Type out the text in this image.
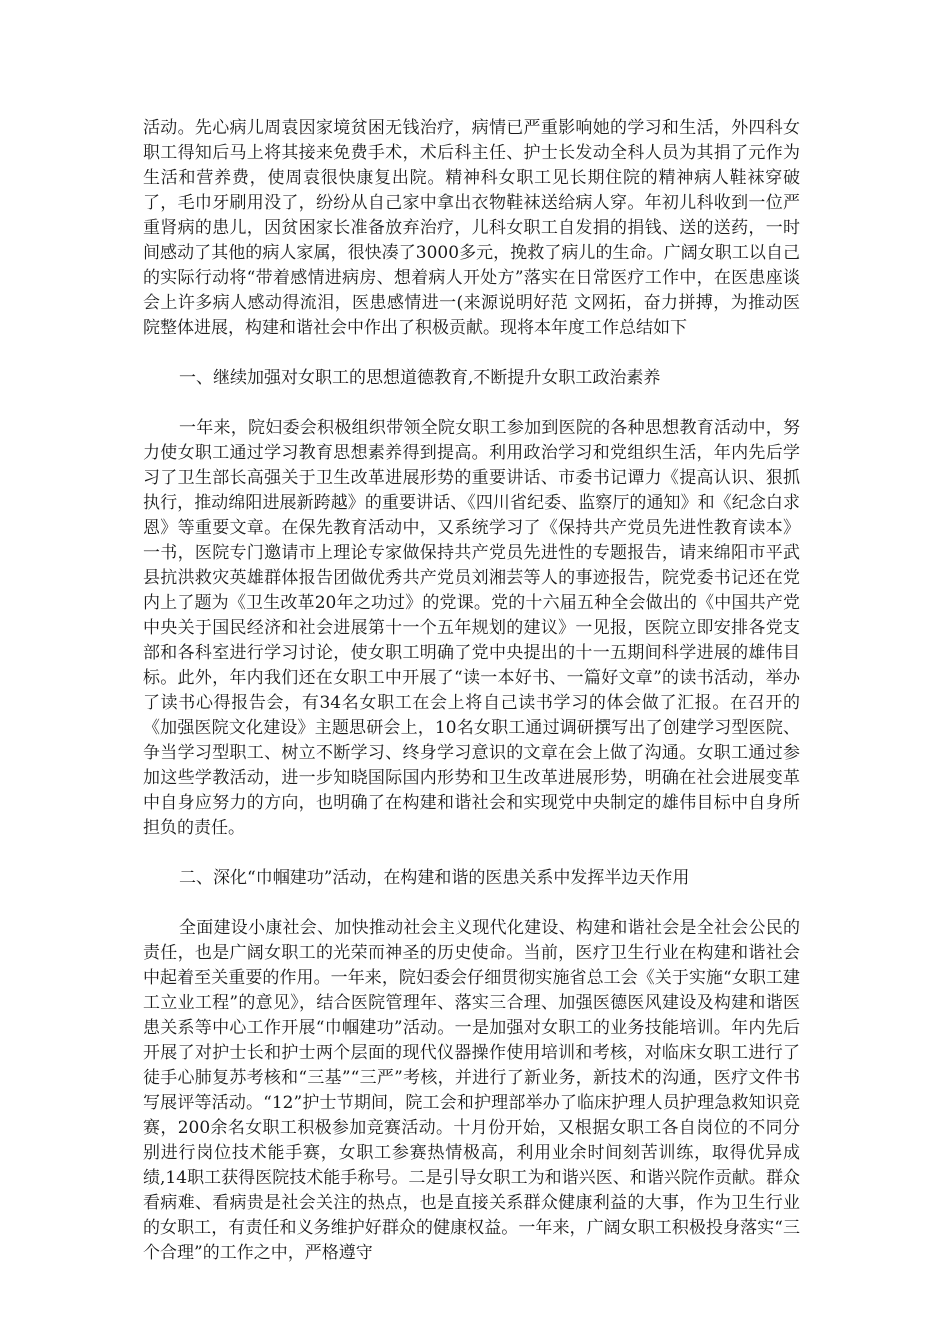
活动。先心病儿周袁因家境贫困无钱治疗，病情已严重影响她的学习和生活，外四科女职工得知后马上将其接来免费手术，术后科主任、护士长发动全科人员为其捐了元作为生活和营养费，使周袁很快康复出院。精神科女职工见长期住院的精神病人鞋袜穿破了，毛巾牙刷用没了，纷纷从自己家中拿出衣物鞋袜送给病人穿。年初儿科收到一位严重肾病的患儿，因贫困家长准备放弃治疗，儿科女职工自发捐的捐钱、送的送药，一时间感动了其他的病人家属，很快凑了3000多元，挽救了病儿的生命。广阔女职工以自己的实际行动将“带着感情进病房、想着病人开处方”落实在日常医疗工作中，在医患座谈会上许多病人感动得流泪，医患感情进一(来源说明好范 文网拓，奋力拼搏，为推动医院整体进展，构建和谐社会中作出了积极贡献。现将本年度工作总结如下

一、继续加强对女职工的思想道德教育,不断提升女职工政治素养

一年来，院妇委会积极组织带领全院女职工参加到医院的各种思想教育活动中，努力使女职工通过学习教育思想素养得到提高。利用政治学习和党组织生活，年内先后学习了卫生部长高强关于卫生改革进展形势的重要讲话、市委书记谭力《提高认识、狠抓执行，推动绵阳进展新跨越》的重要讲话、《四川省纪委、监察厅的通知》和《纪念白求恩》等重要文章。在保先教育活动中，又系统学习了《保持共产党员先进性教育读本》一书，医院专门邀请市上理论专家做保持共产党员先进性的专题报告，请来绵阳市平武县抗洪救灾英雄群体报告团做优秀共产党员刘湘芸等人的事迹报告，院党委书记还在党内上了题为《卫生改革20年之功过》的党课。党的十六届五种全会做出的《中国共产党中央关于国民经济和社会进展第十一个五年规划的建议》一见报，医院立即安排各党支部和各科室进行学习讨论，使女职工明确了党中央提出的十一五期间科学进展的雄伟目标。此外，年内我们还在女职工中开展了“读一本好书、一篇好文章”的读书活动，举办了读书心得报告会，有34名女职工在会上将自己读书学习的体会做了汇报。在召开的《加强医院文化建设》主题思研会上，10名女职工通过调研撰写出了创建学习型医院、争当学习型职工、树立不断学习、终身学习意识的文章在会上做了沟通。女职工通过参加这些学教活动，进一步知晓国际国内形势和卫生改革进展形势，明确在社会进展变革中自身应努力的方向，也明确了在构建和谐社会和实现党中央制定的雄伟目标中自身所担负的责任。

二、深化“巾帼建功”活动，在构建和谐的医患关系中发挥半边天作用

全面建设小康社会、加快推动社会主义现代化建设、构建和谐社会是全社会公民的责任，也是广阔女职工的光荣而神圣的历史使命。当前，医疗卫生行业在构建和谐社会中起着至关重要的作用。一年来，院妇委会仔细贯彻实施省总工会《关于实施“女职工建工立业工程”的意见》，结合医院管理年、落实三合理、加强医德医风建设及构建和谐医患关系等中心工作开展“巾帼建功”活动。一是加强对女职工的业务技能培训。年内先后开展了对护士长和护士两个层面的现代仪器操作使用培训和考核，对临床女职工进行了徒手心肺复苏考核和“三基”“三严”考核，并进行了新业务，新技术的沟通，医疗文件书写展评等活动。“12”护士节期间，院工会和护理部举办了临床护理人员护理急救知识竞赛，200余名女职工积极参加竞赛活动。十月份开始，又根据女职工各自岗位的不同分别进行岗位技术能手赛，女职工参赛热情极高，利用业余时间刻苦训练，取得优异成绩,14职工获得医院技术能手称号。二是引导女职工为和谐兴医、和谐兴院作贡献。群众看病难、看病贵是社会关注的热点，也是直接关系群众健康利益的大事，作为卫生行业的女职工，有责任和义务维护好群众的健康权益。一年来，广阔女职工积极投身落实“三个合理”的工作之中，严格遵守
